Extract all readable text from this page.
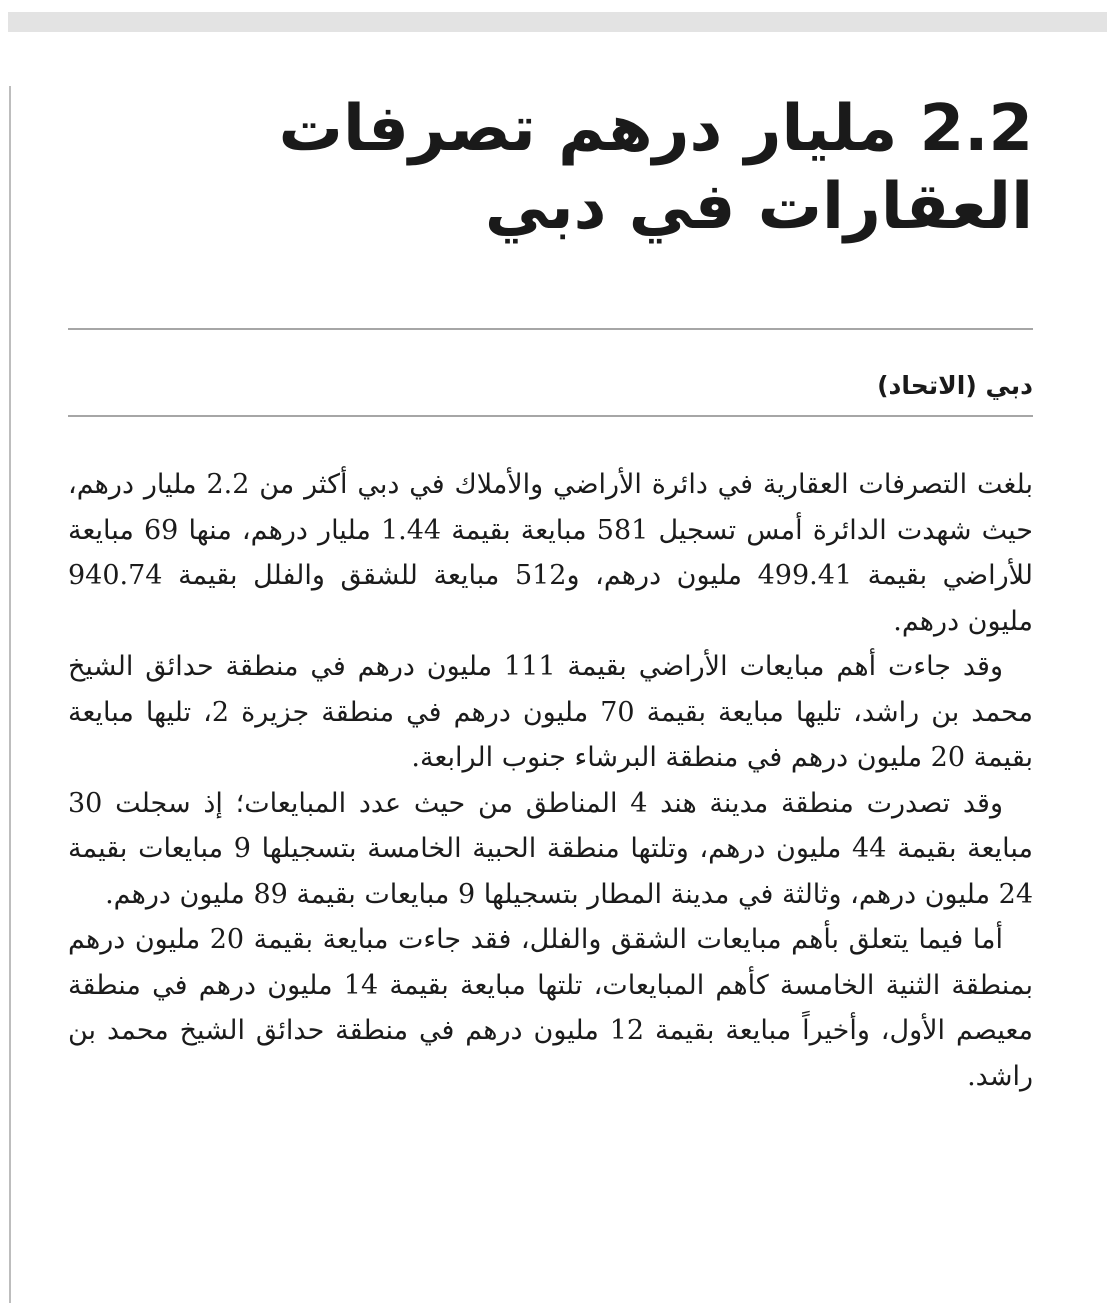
2.2 مليار درهم تصرفات
العقارات في دبي
دبي (الاتحاد)

بلغت التصرفات العقارية في دائرة الأراضي والأملاك في دبي أكثر من 2.2 مليار درهم، حيث شهدت الدائرة أمس تسجيل 581 مبايعة بقيمة 1.44 مليار درهم، منها 69 مبايعة للأراضي بقيمة 499.41 مليون درهم، و512 مبايعة للشقق والفلل بقيمة 940.74 مليون درهم.

وقد جاءت أهم مبايعات الأراضي بقيمة 111 مليون درهم في منطقة حدائق الشيخ محمد بن راشد، تليها مبايعة بقيمة 70 مليون درهم في منطقة جزيرة 2، تليها مبايعة بقيمة 20 مليون درهم في منطقة البرشاء جنوب الرابعة.

وقد تصدرت منطقة مدينة هند 4 المناطق من حيث عدد المبايعات؛ إذ سجلت 30 مبايعة بقيمة 44 مليون درهم، وتلتها منطقة الحبية الخامسة بتسجيلها 9 مبايعات بقيمة 24 مليون درهم، وثالثة في مدينة المطار بتسجيلها 9 مبايعات بقيمة 89 مليون درهم.

أما فيما يتعلق بأهم مبايعات الشقق والفلل، فقد جاءت مبايعة بقيمة 20 مليون درهم بمنطقة الثنية الخامسة كأهم المبايعات، تلتها مبايعة بقيمة 14 مليون درهم في منطقة معيصم الأول، وأخيراً مبايعة بقيمة 12 مليون درهم في منطقة حدائق الشيخ محمد بن راشد.
